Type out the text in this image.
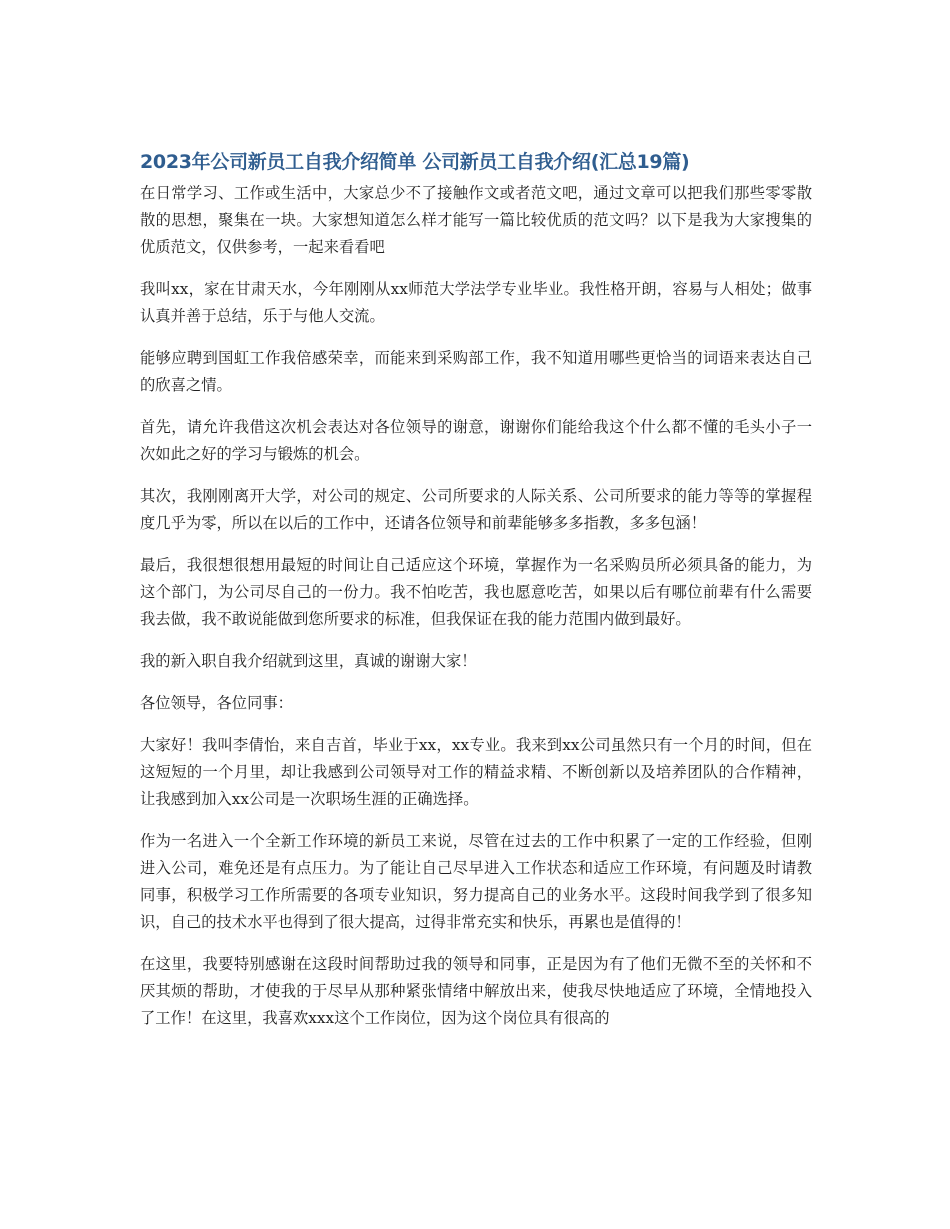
2023年公司新员工自我介绍简单 公司新员工自我介绍(汇总19篇)

在日常学习、工作或生活中，大家总少不了接触作文或者范文吧，通过文章可以把我们那些零零散散的思想，聚集在一块。大家想知道怎么样才能写一篇比较优质的范文吗？以下是我为大家搜集的优质范文，仅供参考，一起来看看吧

我叫xx，家在甘肃天水，今年刚刚从xx师范大学法学专业毕业。我性格开朗，容易与人相处；做事认真并善于总结，乐于与他人交流。

能够应聘到国虹工作我倍感荣幸，而能来到采购部工作，我不知道用哪些更恰当的词语来表达自己的欣喜之情。

首先，请允许我借这次机会表达对各位领导的谢意，谢谢你们能给我这个什么都不懂的毛头小子一次如此之好的学习与锻炼的机会。

其次，我刚刚离开大学，对公司的规定、公司所要求的人际关系、公司所要求的能力等等的掌握程度几乎为零，所以在以后的工作中，还请各位领导和前辈能够多多指教，多多包涵！

最后，我很想很想用最短的时间让自己适应这个环境，掌握作为一名采购员所必须具备的能力，为这个部门，为公司尽自己的一份力。我不怕吃苦，我也愿意吃苦，如果以后有哪位前辈有什么需要我去做，我不敢说能做到您所要求的标准，但我保证在我的能力范围内做到最好。

我的新入职自我介绍就到这里，真诚的谢谢大家！

各位领导，各位同事：

大家好！我叫李倩怡，来自吉首，毕业于xx，xx专业。我来到xx公司虽然只有一个月的时间，但在这短短的一个月里，却让我感到公司领导对工作的精益求精、不断创新以及培养团队的合作精神，让我感到加入xx公司是一次职场生涯的正确选择。

作为一名进入一个全新工作环境的新员工来说，尽管在过去的工作中积累了一定的工作经验，但刚进入公司，难免还是有点压力。为了能让自己尽早进入工作状态和适应工作环境，有问题及时请教同事，积极学习工作所需要的各项专业知识，努力提高自己的业务水平。这段时间我学到了很多知识，自己的技术水平也得到了很大提高，过得非常充实和快乐，再累也是值得的！

在这里，我要特别感谢在这段时间帮助过我的领导和同事，正是因为有了他们无微不至的关怀和不厌其烦的帮助，才使我的于尽早从那种紧张情绪中解放出来，使我尽快地适应了环境，全情地投入了工作！在这里，我喜欢xxx这个工作岗位，因为这个岗位具有很高的
